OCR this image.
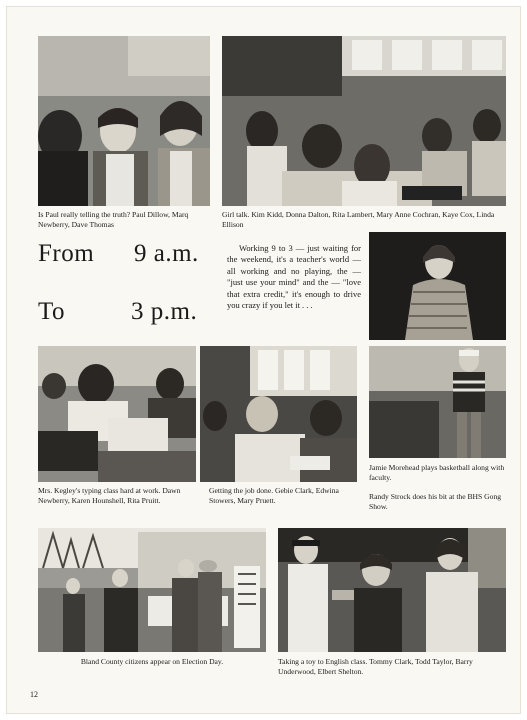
Is Paul really telling the truth? Paul Dillow, Marq Newberry, Dave Thomas

Girl talk. Kim Kidd, Donna Dalton, Rita Lambert, Mary Anne Cochran, Kaye Cox, Linda Ellison

From 9 a.m.
To	3 p.m.

Working 9 to 3 — just waiting for the weekend, it's a teacher's world — all working and no playing, the — "just use your mind" and the — "love that extra credit," it's enough to drive you crazy if you let it . . .

Mrs. Kegley's typing class hard at work. Dawn Newberry, Karen Hounshell, Rita Pruitt.

Getting the job done. Gebie Clark, Edwina Stowers, Mary Pruett.

Jamie Morehead plays basketball along with faculty.

Randy Strock does his bit at the BHS Gong Show.

Bland County citizens appear on Election Day.	Taking a toy to English class. Tommy Clark, Todd Taylor, Barry Underwood, Elbert Shelton.

12
